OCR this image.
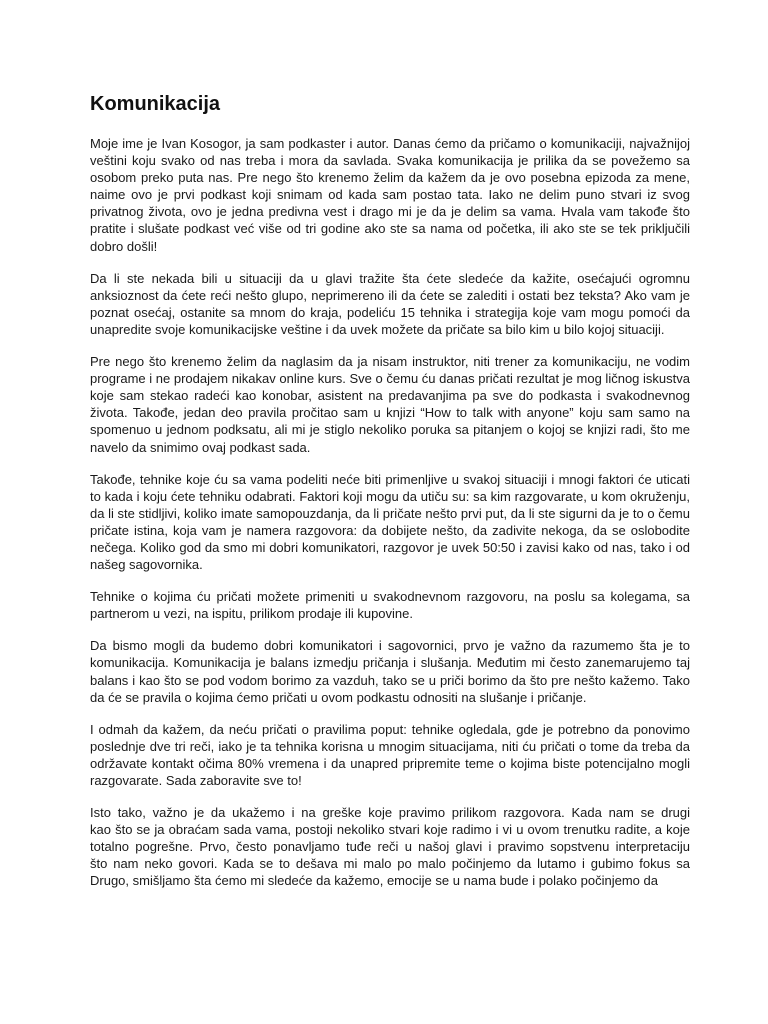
Komunikacija

Moje ime je Ivan Kosogor, ja sam podkaster i autor. Danas ćemo da pričamo o komunikaciji, najvažnijoj
veštini koju svako od nas treba i mora da savlada. Svaka komunikacija je prilika da se povežemo sa
osobom preko puta nas. Pre nego što krenemo želim da kažem da je ovo posebna epizoda za mene,
naime ovo je prvi podkast koji snimam od kada sam postao tata. Iako ne delim puno stvari iz svog
privatnog života, ovo je jedna predivna vest i drago mi je da je delim sa vama. Hvala vam takođe što
pratite i slušate podkast već više od tri godine ako ste sa nama od početka, ili ako ste se tek priključili
dobro došli!

Da li ste nekada bili u situaciji da u glavi tražite šta ćete sledeće da kažite, osećajući ogromnu
anksioznost da ćete reći nešto glupo, neprimereno ili da ćete se zalediti i ostati bez teksta? Ako vam je
poznat osećaj, ostanite sa mnom do kraja, podeliću 15 tehnika i strategija koje vam mogu pomoći da
unapredite svoje komunikacijske veštine i da uvek možete da pričate sa bilo kim u bilo kojoj situaciji.

Pre nego što krenemo želim da naglasim da ja nisam instruktor, niti trener za komunikaciju, ne vodim
programe i ne prodajem nikakav online kurs. Sve o čemu ću danas pričati rezultat je mog ličnog iskustva
koje sam stekao radeći kao konobar, asistent na predavanjima pa sve do podkasta i svakodnevnog
života. Takođe, jedan deo pravila pročitao sam u knjizi “How to talk with anyone” koju sam samo na
spomenuo u jednom podksatu, ali mi je stiglo nekoliko poruka sa pitanjem o kojoj se knjizi radi, što me
navelo da snimimo ovaj podkast sada.

Takođe, tehnike koje ću sa vama podeliti neće biti primenljive u svakoj situaciji i mnogi faktori će uticati
to kada i koju ćete tehniku odabrati. Faktori koji mogu da utiču su: sa kim razgovarate, u kom okruženju,
da li ste stidljivi, koliko imate samopouzdanja, da li pričate nešto prvi put, da li ste sigurni da je to o čemu
pričate istina, koja vam je namera razgovora: da dobijete nešto, da zadivite nekoga, da se oslobodite
nečega. Koliko god da smo mi dobri komunikatori, razgovor je uvek 50:50 i zavisi kako od nas, tako i od
našeg sagovornika.

Tehnike o kojima ću pričati možete primeniti u svakodnevnom razgovoru, na poslu sa kolegama, sa
partnerom u vezi, na ispitu, prilikom prodaje ili kupovine.

Da bismo mogli da budemo dobri komunikatori i sagovornici, prvo je važno da razumemo šta je to
komunikacija. Komunikacija je balans izmedju pričanja i slušanja. Međutim mi često zanemarujemo taj
balans i kao što se pod vodom borimo za vazduh, tako se u priči borimo da što pre nešto kažemo. Tako
da će se pravila o kojima ćemo pričati u ovom podkastu odnositi na slušanje i pričanje.

I odmah da kažem, da neću pričati o pravilima poput: tehnike ogledala, gde je potrebno da ponovimo
poslednje dve tri reči, iako je ta tehnika korisna u mnogim situacijama, niti ću pričati o tome da treba da
održavate kontakt očima 80% vremena i da unapred pripremite teme o kojima biste potencijalno mogli
razgovarate. Sada zaboravite sve to!

Isto tako, važno je da ukažemo i na greške koje pravimo prilikom razgovora. Kada nam se drugi
kao što se ja obraćam sada vama, postoji nekoliko stvari koje radimo i vi u ovom trenutku radite, a koje
totalno pogrešne. Prvo, često ponavljamo tuđe reči u našoj glavi i pravimo sopstvenu interpretaciju
što nam neko govori. Kada se to dešava mi malo po malo počinjemo da lutamo i gubimo fokus sa
Drugo, smišljamo šta ćemo mi sledeće da kažemo, emocije se u nama bude i polako počinjemo da
